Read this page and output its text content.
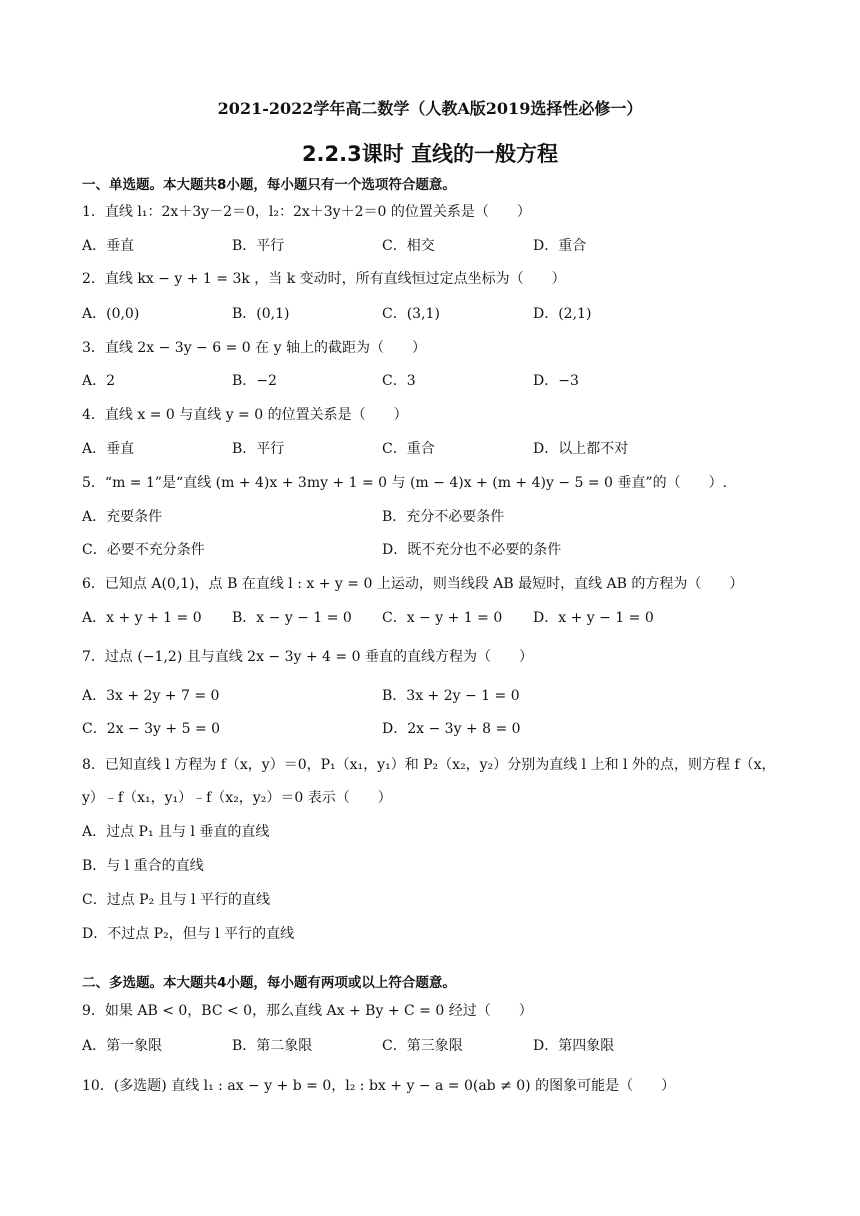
2021-2022学年高二数学（人教A版2019选择性必修一）
2.2.3课时 直线的一般方程
一、单选题。本大题共8小题，每小题只有一个选项符合题意。
1．直线 l₁：2x＋3y－2＝0，l₂：2x＋3y＋2＝0 的位置关系是（　　）
A．垂直	B．平行	C．相交	D．重合
2．直线 kx − y + 1 = 3k ，当 k 变动时，所有直线恒过定点坐标为（　　）
A．(0,0)	B．(0,1)	C．(3,1)	D．(2,1)
3．直线 2x − 3y − 6 = 0 在 y 轴上的截距为（　　）
A．2	B．−2	C．3	D．−3
4．直线 x = 0 与直线 y = 0 的位置关系是（　　）
A．垂直	B．平行	C．重合	D．以上都不对
5．“m = 1”是“直线 (m + 4)x + 3my + 1 = 0 与 (m − 4)x + (m + 4)y − 5 = 0 垂直”的（　　）.
A．充要条件	B．充分不必要条件
C．必要不充分条件	D．既不充分也不必要的条件
6．已知点 A(0,1)，点 B 在直线 l : x + y = 0 上运动，则当线段 AB 最短时，直线 AB 的方程为（　　）
A．x + y + 1 = 0 B．x − y − 1 = 0 C．x − y + 1 = 0 D．x + y − 1 = 0
7．过点 (−1,2) 且与直线 2x − 3y + 4 = 0 垂直的直线方程为（　　）
A．3x + 2y + 7 = 0	B．3x + 2y − 1 = 0
C．2x − 3y + 5 = 0	D．2x − 3y + 8 = 0
8．已知直线 l 方程为 f（x，y）＝0，P₁（x₁，y₁）和 P₂（x₂，y₂）分别为直线 l 上和 l 外的点，则方程 f（x，
y）﹣f（x₁，y₁）﹣f（x₂，y₂）＝0 表示（　　）
A．过点 P₁ 且与 l 垂直的直线
B．与 l 重合的直线
C．过点 P₂ 且与 l 平行的直线
D．不过点 P₂，但与 l 平行的直线
二、多选题。本大题共4小题，每小题有两项或以上符合题意。
9．如果 AB < 0，BC < 0，那么直线 Ax + By + C = 0 经过（　　）
A．第一象限	B．第二象限	C．第三象限	D．第四象限
10．(多选题) 直线 l₁ : ax − y + b = 0，l₂ : bx + y − a = 0(ab ≠ 0) 的图象可能是（　　）
